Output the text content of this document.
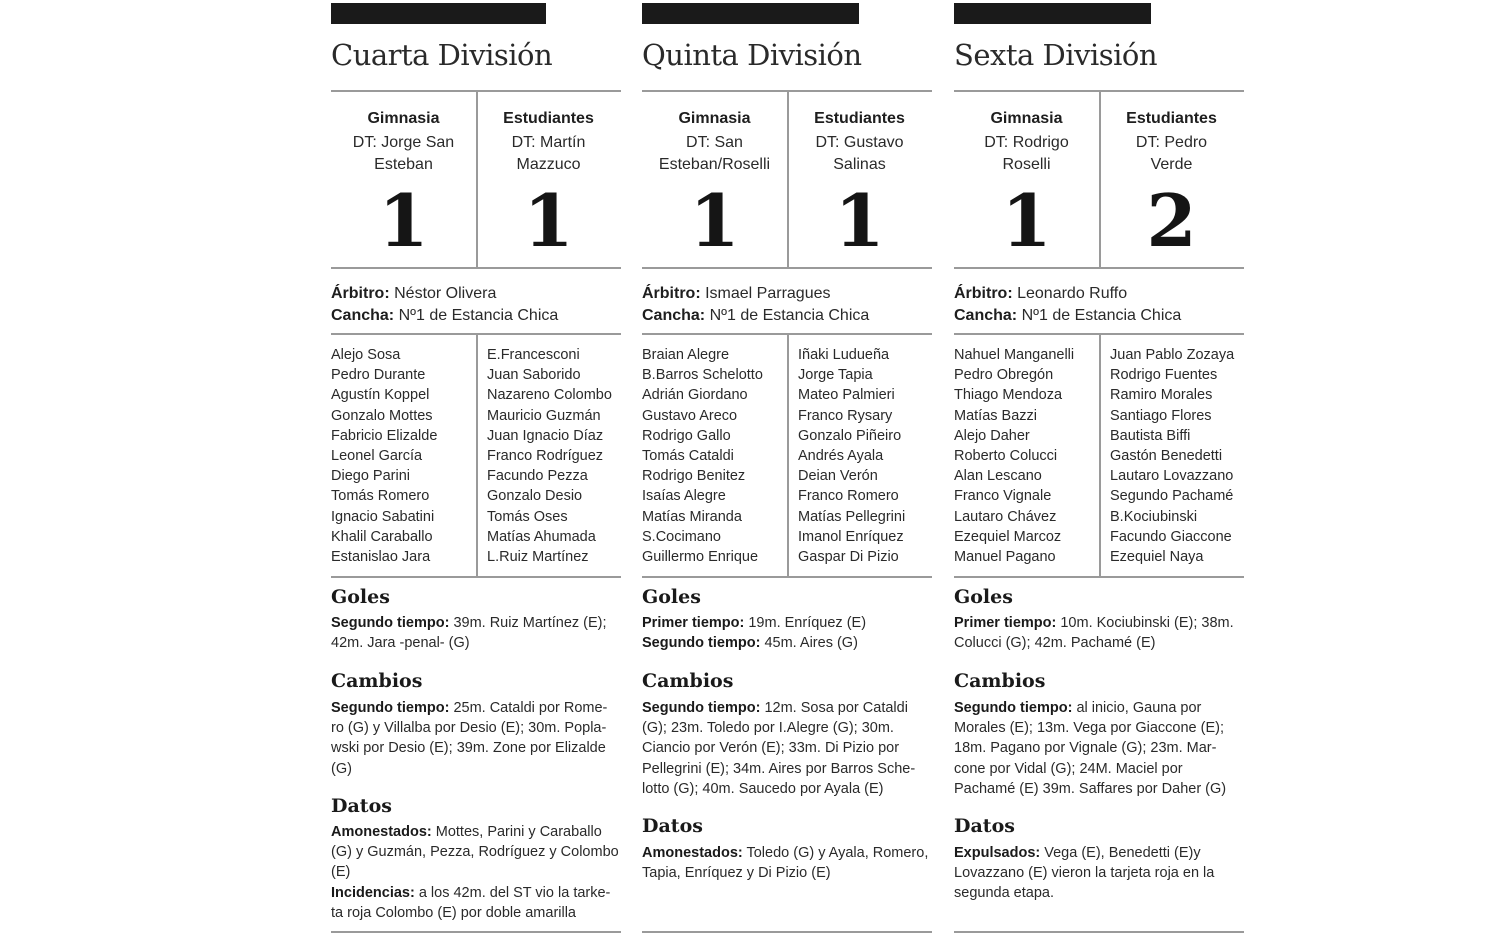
Cuarta División
Gimnasia
DT: Jorge San
Esteban
1
Estudiantes
DT: Martín
Mazzuco
1
Árbitro: Néstor Olivera
Cancha: Nº1 de Estancia Chica
Alejo Sosa
Pedro Durante
Agustín Koppel
Gonzalo Mottes
Fabricio Elizalde
Leonel García
Diego Parini
Tomás Romero
Ignacio Sabatini
Khalil Caraballo
Estanislao Jara
E.Francesconi
Juan Saborido
Nazareno Colombo
Mauricio Guzmán
Juan Ignacio Díaz
Franco Rodríguez
Facundo Pezza
Gonzalo Desio
Tomás Oses
Matías Ahumada
L.Ruiz Martínez
Goles
Segundo tiempo: 39m. Ruiz Martínez (E);
42m. Jara -penal- (G)
Cambios
Segundo tiempo: 25m. Cataldi por Rome-
ro (G) y Villalba por Desio (E); 30m. Popla-
wski por Desio (E); 39m. Zone por Elizalde
(G)
Datos
Amonestados: Mottes, Parini y Caraballo
(G) y Guzmán, Pezza, Rodríguez y Colombo
(E)
Incidencias: a los 42m. del ST vio la tarke-
ta roja Colombo (E) por doble amarilla
Quinta División
Gimnasia
DT: San
Esteban/Roselli
1
Estudiantes
DT: Gustavo
Salinas
1
Árbitro: Ismael Parragues
Cancha: Nº1 de Estancia Chica
Braian Alegre
B.Barros Schelotto
Adrián Giordano
Gustavo Areco
Rodrigo Gallo
Tomás Cataldi
Rodrigo Benitez
Isaías Alegre
Matías Miranda
S.Cocimano
Guillermo Enrique
Iñaki Ludueña
Jorge Tapia
Mateo Palmieri
Franco Rysary
Gonzalo Piñeiro
Andrés Ayala
Deian Verón
Franco Romero
Matías Pellegrini
Imanol Enríquez
Gaspar Di Pizio
Goles
Primer tiempo: 19m. Enríquez (E)
Segundo tiempo: 45m. Aires (G)
Cambios
Segundo tiempo: 12m. Sosa por Cataldi
(G); 23m. Toledo por I.Alegre (G); 30m.
Ciancio por Verón (E); 33m. Di Pizio por
Pellegrini (E); 34m. Aires por Barros Sche-
lotto (G); 40m. Saucedo por Ayala (E)
Datos
Amonestados: Toledo (G) y Ayala, Romero,
Tapia, Enríquez y Di Pizio (E)
Sexta División
Gimnasia
DT: Rodrigo
Roselli
1
Estudiantes
DT: Pedro
Verde
2
Árbitro: Leonardo Ruffo
Cancha: Nº1 de Estancia Chica
Nahuel Manganelli
Pedro Obregón
Thiago Mendoza
Matías Bazzi
Alejo Daher
Roberto Colucci
Alan Lescano
Franco Vignale
Lautaro Chávez
Ezequiel Marcoz
Manuel Pagano
Juan Pablo Zozaya
Rodrigo Fuentes
Ramiro Morales
Santiago Flores
Bautista Biffi
Gastón Benedetti
Lautaro Lovazzano
Segundo Pachamé
B.Kociubinski
Facundo Giaccone
Ezequiel Naya
Goles
Primer tiempo: 10m. Kociubinski (E); 38m.
Colucci (G); 42m. Pachamé (E)
Cambios
Segundo tiempo: al inicio, Gauna por
Morales (E); 13m. Vega por Giaccone (E);
18m. Pagano por Vignale (G); 23m. Mar-
cone por Vidal (G); 24M. Maciel por
Pachamé (E) 39m. Saffares por Daher (G)
Datos
Expulsados: Vega (E), Benedetti (E)y
Lovazzano (E) vieron la tarjeta roja en la
segunda etapa.
